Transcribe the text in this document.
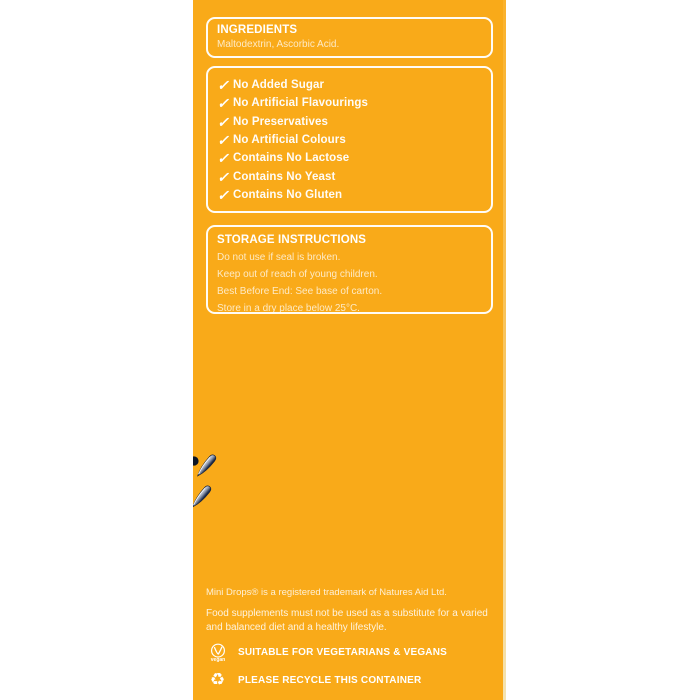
INGREDIENTS
Maltodextrin, Ascorbic Acid.
✓ No Added Sugar
✓ No Artificial Flavourings
✓ No Preservatives
✓ No Artificial Colours
✓ Contains No Lactose
✓ Contains No Yeast
✓ Contains No Gluten
STORAGE INSTRUCTIONS
Do not use if seal is broken.
Keep out of reach of young children.
Best Before End: See base of carton.
Store in a dry place below 25°C.
Mini Drops® is a registered trademark of Natures Aid Ltd.
Food supplements must not be used as a substitute for a varied and balanced diet and a healthy lifestyle.
vegan
SUITABLE FOR VEGETARIANS & VEGANS
♻ PLEASE RECYCLE THIS CONTAINER
